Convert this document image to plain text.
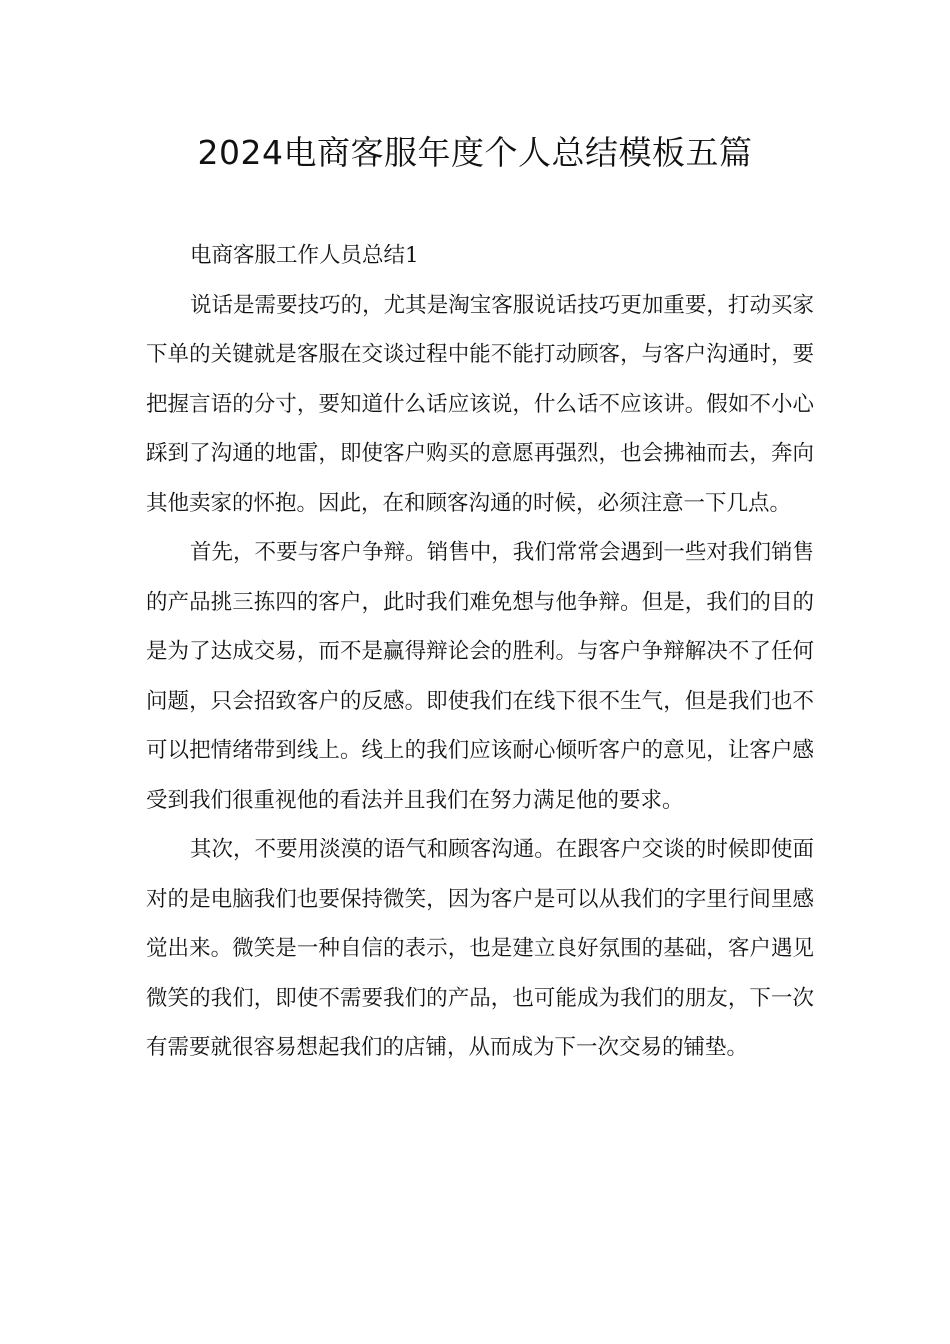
2024电商客服年度个人总结模板五篇

电商客服工作人员总结1

说话是需要技巧的，尤其是淘宝客服说话技巧更加重要，打动买家下单的关键就是客服在交谈过程中能不能打动顾客，与客户沟通时，要把握言语的分寸，要知道什么话应该说，什么话不应该讲。假如不小心踩到了沟通的地雷，即使客户购买的意愿再强烈，也会拂袖而去，奔向其他卖家的怀抱。因此，在和顾客沟通的时候，必须注意一下几点。

首先，不要与客户争辩。销售中，我们常常会遇到一些对我们销售的产品挑三拣四的客户，此时我们难免想与他争辩。但是，我们的目的是为了达成交易，而不是赢得辩论会的胜利。与客户争辩解决不了任何问题，只会招致客户的反感。即使我们在线下很不生气，但是我们也不可以把情绪带到线上。线上的我们应该耐心倾听客户的意见，让客户感受到我们很重视他的看法并且我们在努力满足他的要求。

其次，不要用淡漠的语气和顾客沟通。在跟客户交谈的时候即使面对的是电脑我们也要保持微笑，因为客户是可以从我们的字里行间里感觉出来。微笑是一种自信的表示，也是建立良好氛围的基础，客户遇见微笑的我们，即使不需要我们的产品，也可能成为我们的朋友，下一次有需要就很容易想起我们的店铺，从而成为下一次交易的铺垫。
